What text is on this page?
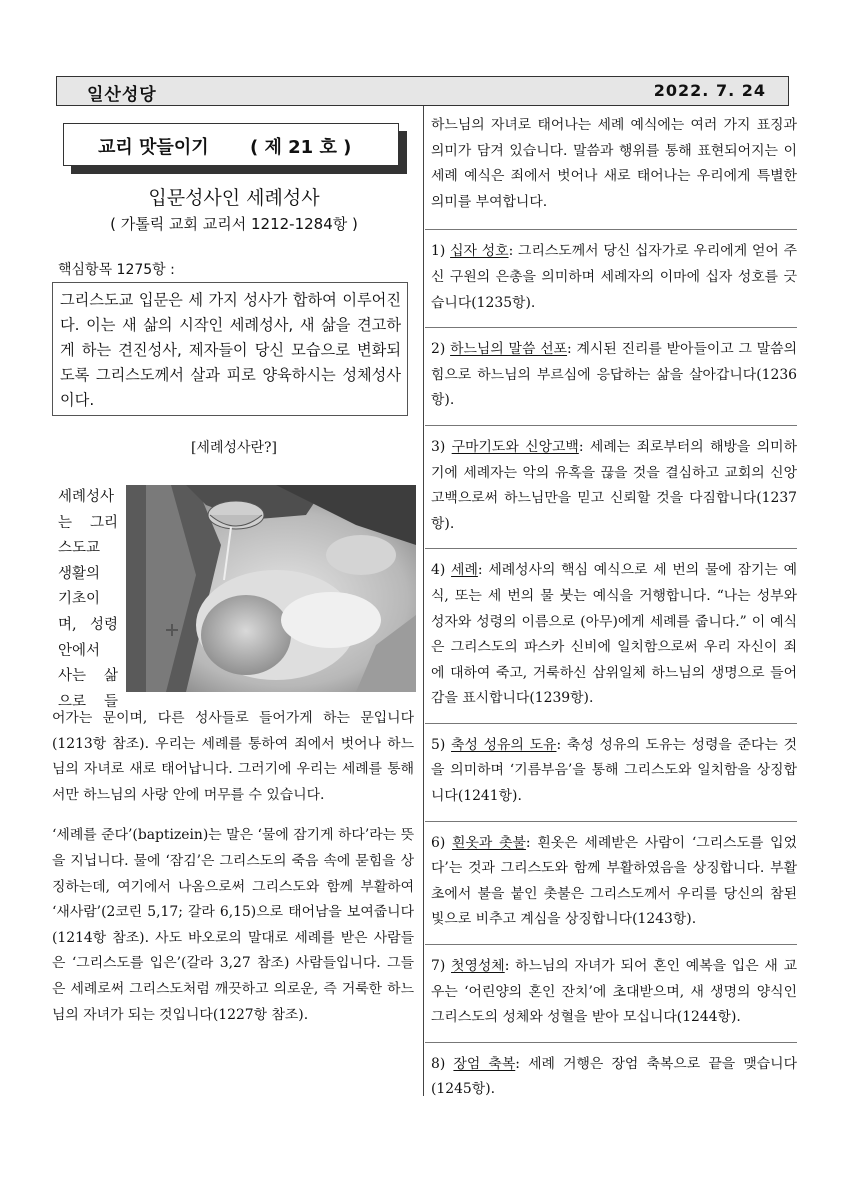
일산성당	2022. 7. 24
교리 맛들이기 ( 제 21 호 )
입문성사인 세례성사
( 가톨릭 교회 교리서 1212-1284항 )
핵심항목 1275항 :
그리스도교 입문은 세 가지 성사가 합하여 이루어진다. 이는 새 삶의 시작인 세례성사, 새 삶을 견고하게 하는 견진성사, 제자들이 당신 모습으로 변화되도록 그리스도께서 살과 피로 양육하시는 성체성사이다.
[세례성사란?]
세례성사
는 그리
스도교
생활의
기초이
며, 성령
안에서
사는 삶
으로 들

어가는 문이며, 다른 성사들로 들어가게 하는 문입니다(1213항 참조). 우리는 세례를 통하여 죄에서 벗어나 하느님의 자녀로 새로 태어납니다. 그러기에 우리는 세례를 통해서만 하느님의 사랑 안에 머무를 수 있습니다.

‘세례를 준다’(baptizein)는 말은 ‘물에 잠기게 하다’라는 뜻을 지닙니다. 물에 ‘잠김’은 그리스도의 죽음 속에 묻힘을 상징하는데, 여기에서 나옴으로써 그리스도와 함께 부활하여 ‘새사람’(2코린 5,17; 갈라 6,15)으로 태어남을 보여줍니다(1214항 참조). 사도 바오로의 말대로 세례를 받은 사람들은 ‘그리스도를 입은’(갈라 3,27 참조) 사람들입니다. 그들은 세례로써 그리스도처럼 깨끗하고 의로운, 즉 거룩한 하느님의 자녀가 되는 것입니다(1227항 참조).

하느님의 자녀로 태어나는 세례 예식에는 여러 가지 표징과 의미가 담겨 있습니다. 말씀과 행위를 통해 표현되어지는 이 세례 예식은 죄에서 벗어나 새로 태어나는 우리에게 특별한 의미를 부여합니다.

1) 십자 성호: 그리스도께서 당신 십자가로 우리에게 얻어 주신 구원의 은총을 의미하며 세례자의 이마에 십자 성호를 긋습니다(1235항).

2) 하느님의 말씀 선포: 계시된 진리를 받아들이고 그 말씀의 힘으로 하느님의 부르심에 응답하는 삶을 살아갑니다(1236항).

3) 구마기도와 신앙고백: 세례는 죄로부터의 해방을 의미하기에 세례자는 악의 유혹을 끊을 것을 결심하고 교회의 신앙 고백으로써 하느님만을 믿고 신뢰할 것을 다짐합니다(1237항).

4) 세례: 세례성사의 핵심 예식으로 세 번의 물에 잠기는 예식, 또는 세 번의 물 붓는 예식을 거행합니다. “나는 성부와 성자와 성령의 이름으로 (아무)에게 세례를 줍니다.” 이 예식은 그리스도의 파스카 신비에 일치함으로써 우리 자신이 죄에 대하여 죽고, 거룩하신 삼위일체 하느님의 생명으로 들어감을 표시합니다(1239항).

5) 축성 성유의 도유: 축성 성유의 도유는 성령을 준다는 것을 의미하며 ‘기름부음’을 통해 그리스도와 일치함을 상징합니다(1241항).

6) 흰옷과 촛불: 흰옷은 세례받은 사람이 ‘그리스도를 입었다’는 것과 그리스도와 함께 부활하였음을 상징합니다. 부활초에서 불을 붙인 촛불은 그리스도께서 우리를 당신의 참된 빛으로 비추고 계심을 상징합니다(1243항).

7) 첫영성체: 하느님의 자녀가 되어 혼인 예복을 입은 새 교우는 ‘어린양의 혼인 잔치’에 초대받으며, 새 생명의 양식인 그리스도의 성체와 성혈을 받아 모십니다(1244항).

8) 장엄 축복: 세례 거행은 장엄 축복으로 끝을 맺습니다(1245항).
